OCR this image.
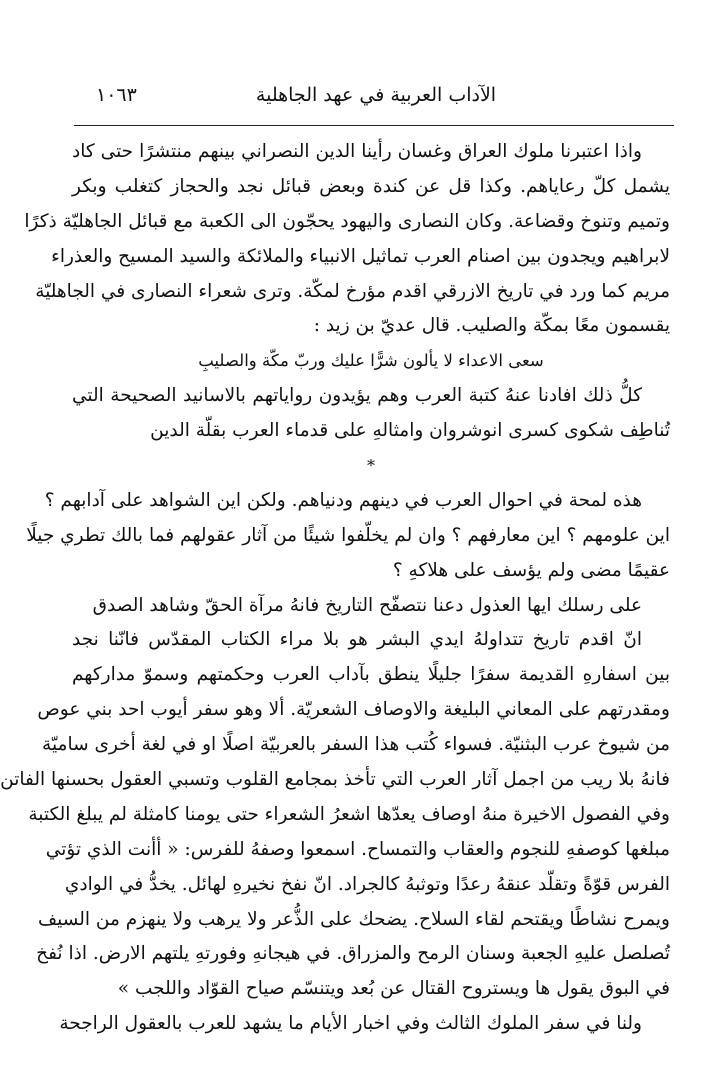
الآداب العربية في عهد الجاهلية
١٠٦٣
واذا اعتبرنا ملوك العراق وغسان رأينا الدين النصراني بينهم منتشرًا حتى كاد
يشمل كلّ رعاياهم. وكذا قل عن كندة وبعض قبائل نجد والحجاز كتغلب وبكر
وتميم وتنوخ وقضاعة. وكان النصارى واليهود يحجّون الى الكعبة مع قبائل الجاهليّة ذكرًا
لابراهيم ويجدون بين اصنام العرب تماثيل الانبياء والملائكة والسيد المسيح والعذراء
مريم كما ورد في تاريخ الازرقي اقدم مؤرخ لمكّة. وترى شعراء النصارى في الجاهليّة
يقسمون معًا بمكّة والصليب. قال عديّ بن زيد :
سعى الاعداء لا يألون شرًّا عليك وربّ مكّة والصليبِ
كلُّ ذلك افادنا عنهُ كتبة العرب وهم يؤيدون رواياتهم بالاسانيد الصحيحة التي
تُناطِف شكوى كسرى انوشروان وامثالهِ على قدماء العرب بقلّة الدين
*
هذه لمحة في احوال العرب في دينهم ودنياهم. ولكن اين الشواهد على آدابهم ؟
اين علومهم ؟ اين معارفهم ؟ وان لم يخلّفوا شيئًا من آثار عقولهم فما بالك تطري جيلًا
عقيمًا مضى ولم يؤسف على هلاكهِ ؟
على رسلك ايها العذول دعنا نتصفّح التاريخ فانهُ مرآة الحقّ وشاهد الصدق
انّ اقدم تاريخ تتداولهُ ايدي البشر هو بلا مراء الكتاب المقدّس فانّنا نجد
بين اسفارهِ القديمة سفرًا جليلًا ينطق بآداب العرب وحكمتهم وسموّ مداركهم
ومقدرتهم على المعاني البليغة والاوصاف الشعريّة. ألا وهو سفر أيوب احد بني عوص
من شيوخ عرب البثنيّة. فسواء كُتب هذا السفر بالعربيّة اصلًا او في لغة أخرى ساميّة
فانهُ بلا ريب من اجمل آثار العرب التي تأخذ بمجامع القلوب وتسبي العقول بحسنها الفاتن
وفي الفصول الاخيرة منهُ اوصاف يعدّها اشعرُ الشعراء حتى يومنا كامثلة لم يبلغ الكتبة
مبلغها كوصفهِ للنجوم والعقاب والتمساح. اسمعوا وصفهُ للفرس: « أأنت الذي تؤتي
الفرس قوّةً وتقلّد عنقهُ رعدًا وتوثبهُ كالجراد. انّ نفخ نخيرهِ لهائل. يخدُّ في الوادي
ويمرح نشاطًا ويقتحم لقاء السلاح. يضحك على الذُّعر ولا يرهب ولا ينهزم من السيف
تُصلصل عليهِ الجعبة وسنان الرمح والمزراق. في هيجانهِ وفورتهِ يلتهم الارض. اذا نُفخ
في البوق يقول ها ويستروح القتال عن بُعد ويتنسّم صياح القوّاد واللجب »
ولنا في سفر الملوك الثالث وفي اخبار الأيام ما يشهد للعرب بالعقول الراجحة
